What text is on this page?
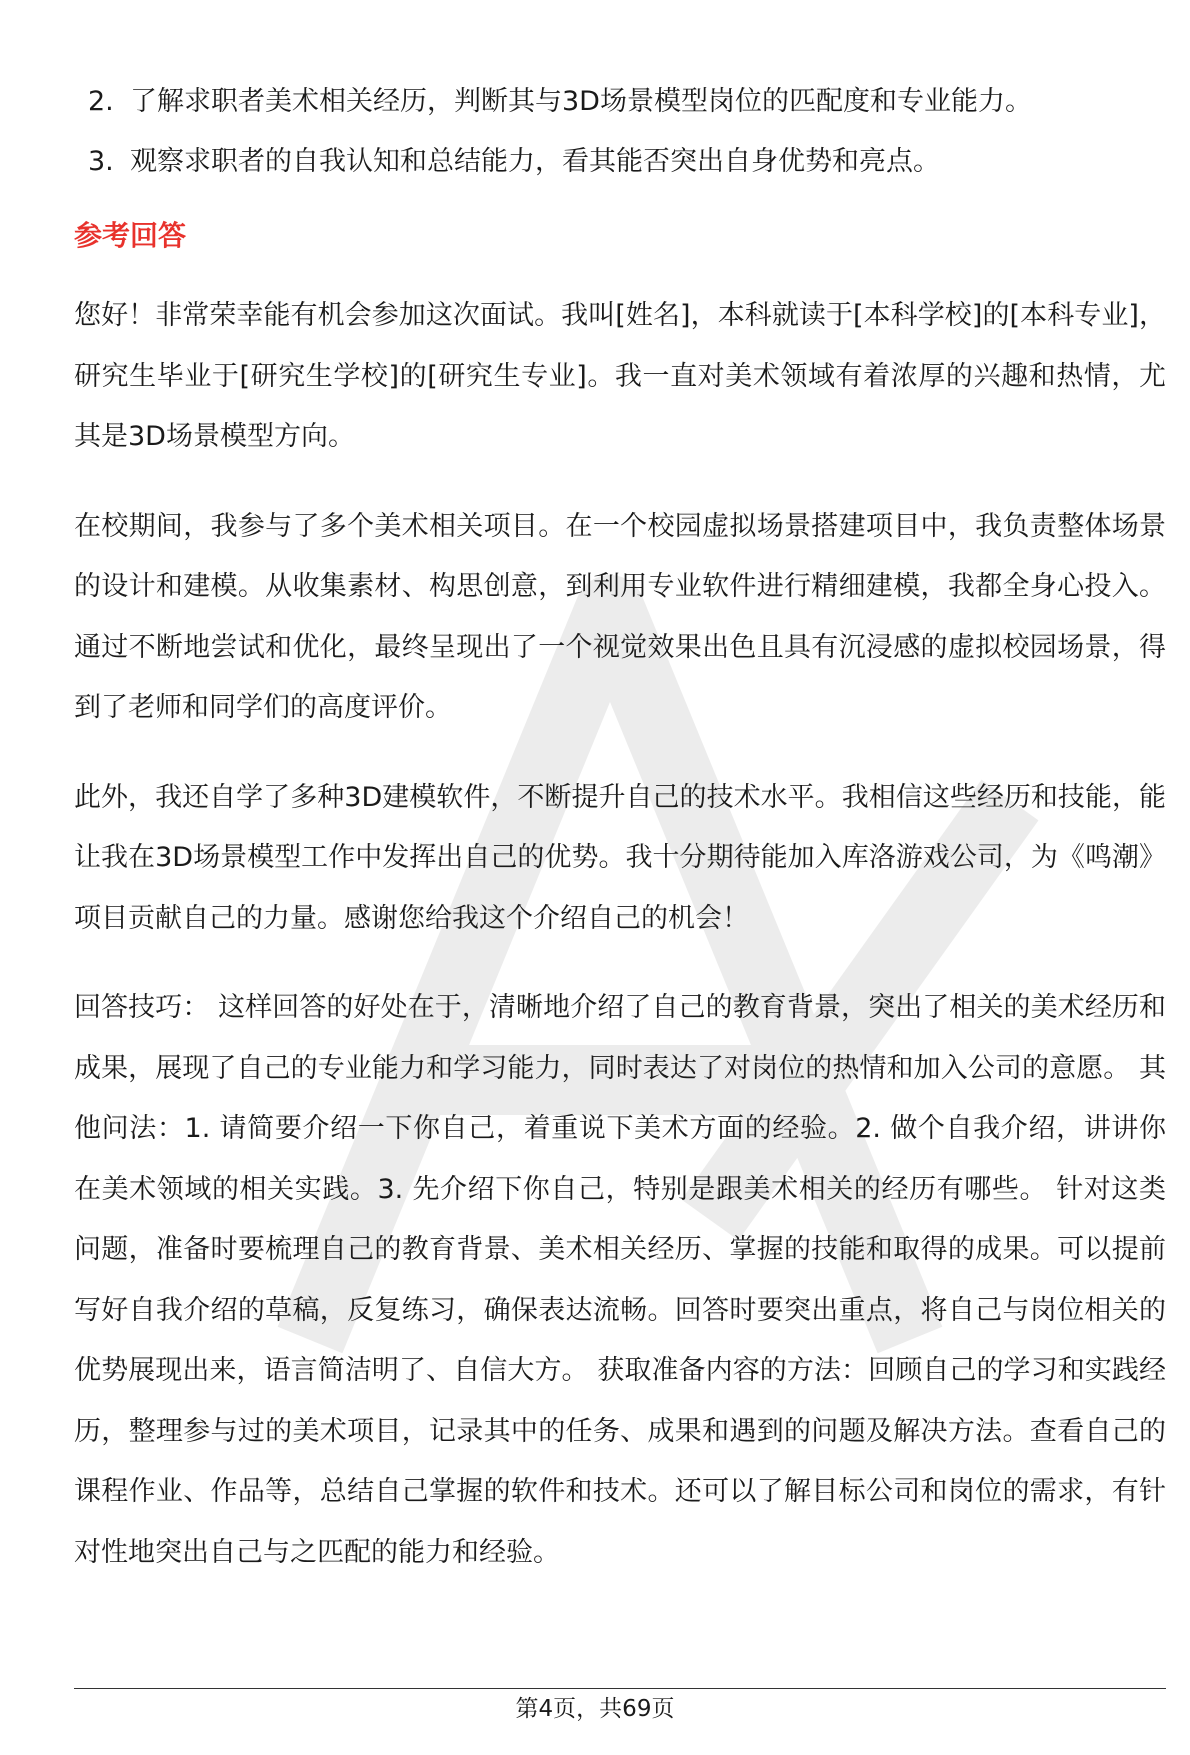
2. 了解求职者美术相关经历，判断其与3D场景模型岗位的匹配度和专业能力。
3. 观察求职者的自我认知和总结能力，看其能否突出自身优势和亮点。
参考回答

您好！非常荣幸能有机会参加这次面试。我叫[姓名]，本科就读于[本科学校]的[本科专业]，研究生毕业于[研究生学校]的[研究生专业]。我一直对美术领域有着浓厚的兴趣和热情，尤其是3D场景模型方向。

在校期间，我参与了多个美术相关项目。在一个校园虚拟场景搭建项目中，我负责整体场景的设计和建模。从收集素材、构思创意，到利用专业软件进行精细建模，我都全身心投入。通过不断地尝试和优化，最终呈现出了一个视觉效果出色且具有沉浸感的虚拟校园场景，得到了老师和同学们的高度评价。

此外，我还自学了多种3D建模软件，不断提升自己的技术水平。我相信这些经历和技能，能让我在3D场景模型工作中发挥出自己的优势。我十分期待能加入库洛游戏公司，为《鸣潮》项目贡献自己的力量。感谢您给我这个介绍自己的机会！

回答技巧： 这样回答的好处在于，清晰地介绍了自己的教育背景，突出了相关的美术经历和成果，展现了自己的专业能力和学习能力，同时表达了对岗位的热情和加入公司的意愿。 其他问法：1. 请简要介绍一下你自己，着重说下美术方面的经验。2. 做个自我介绍，讲讲你在美术领域的相关实践。3. 先介绍下你自己，特别是跟美术相关的经历有哪些。 针对这类问题，准备时要梳理自己的教育背景、美术相关经历、掌握的技能和取得的成果。可以提前写好自我介绍的草稿，反复练习，确保表达流畅。回答时要突出重点，将自己与岗位相关的优势展现出来，语言简洁明了、自信大方。 获取准备内容的方法：回顾自己的学习和实践经历，整理参与过的美术项目，记录其中的任务、成果和遇到的问题及解决方法。查看自己的课程作业、作品等，总结自己掌握的软件和技术。还可以了解目标公司和岗位的需求，有针对性地突出自己与之匹配的能力和经验。

第4页，共69页
